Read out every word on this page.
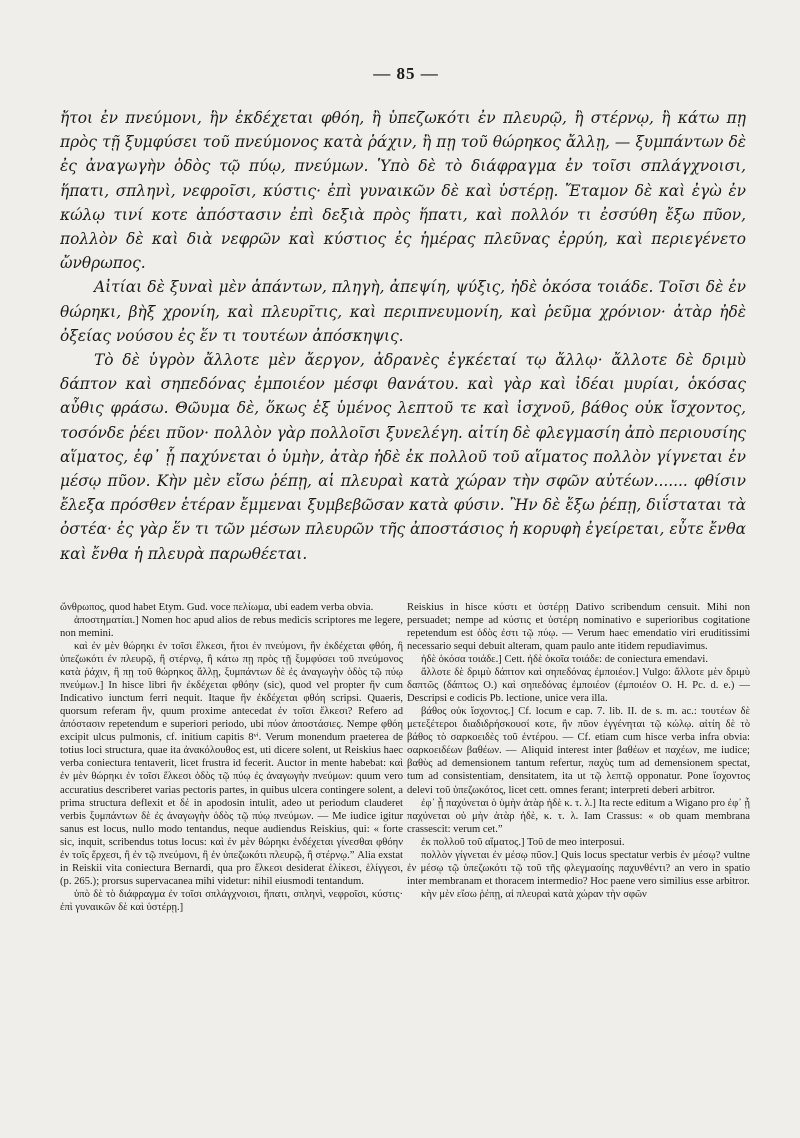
— 85 —

ἤτοι ἐν πνεύμονι, ἣν ἐκδέχεται φθόη, ἢ ὑπεζωκότι ἐν πλευρῷ, ἢ στέρνῳ, ἢ κάτω πῃ πρὸς τῇ ξυμφύσει τοῦ πνεύμονος κατὰ ῥάχιν, ἢ πῃ τοῦ θώρηκος ἄλλῃ, — ξυμπάντων δὲ ἐς ἀναγωγὴν ὁδὸς τῷ πύῳ, πνεύμων. Ὑπὸ δὲ τὸ διάφραγμα ἐν τοῖσι σπλάγχνοισι, ἥπατι, σπληνὶ, νεφροῖσι, κύστις· ἐπὶ γυναικῶν δὲ καὶ ὑστέρῃ. Ἔταμον δὲ καὶ ἐγὼ ἐν κώλῳ τινί κοτε ἀπόστασιν ἐπὶ δεξιὰ πρὸς ἥπατι, καὶ πολλόν τι ἐσσύθη ἔξω πῦον, πολλὸν δὲ καὶ διὰ νεφρῶν καὶ κύστιος ἐς ἡμέρας πλεῦνας ἐρρύη, καὶ περιεγένετο ὤνθρωπος.

Αἰτίαι δὲ ξυναὶ μὲν ἁπάντων, πληγὴ, ἀπεψίη, ψύξις, ἠδὲ ὁκόσα τοιάδε. Τοῖσι δὲ ἐν θώρηκι, βὴξ χρονίη, καὶ πλευρῖτις, καὶ περιπνευμονίη, καὶ ῥεῦμα χρόνιον· ἀτὰρ ἠδὲ ὀξείας νούσου ἐς ἕν τι τουτέων ἀπόσκηψις.

Τὸ δὲ ὑγρὸν ἄλλοτε μὲν ἄεργον, ἀδρανὲς ἐγκέεταί τῳ ἄλλῳ· ἄλλοτε δὲ δριμὺ δάπτον καὶ σηπεδόνας ἐμποιέον μέσφι θανάτου. καὶ γὰρ καὶ ἰδέαι μυρίαι, ὁκόσας αὖθις φράσω. Θῶυμα δὲ, ὅκως ἐξ ὑμένος λεπτοῦ τε καὶ ἰσχνοῦ, βάθος οὐκ ἴσχοντος, τοσόνδε ῥέει πῦον· πολλὸν γὰρ πολλοῖσι ξυνελέγη. αἰτίη δὲ φλεγμασίη ἀπὸ περιουσίης αἵματος, ἐφ᾽ ᾗ παχύνεται ὁ ὑμὴν, ἀτὰρ ἠδὲ ἐκ πολλοῦ τοῦ αἵματος πολλὸν γίγνεται ἐν μέσῳ πῦον. Κὴν μὲν εἴσω ῥέπῃ, αἱ πλευραὶ κατὰ χώραν τὴν σφῶν αὐτέων....... φθίσιν ἔλεξα πρόσθεν ἑτέραν ἔμμεναι ξυμβεβῶσαν κατὰ φύσιν. Ἢν δὲ ἔξω ῥέπῃ, διΐσταται τὰ ὀστέα· ἐς γὰρ ἕν τι τῶν μέσων πλευρῶν τῆς ἀποστάσιος ἡ κορυφὴ ἐγείρεται, εὖτε ἔνθα καὶ ἔνθα ἡ πλευρὰ παρωθέεται.

ὤνθρωπος, quod habet Etym. Gud. voce πελίωμα, ubi eadem verba obvia.

ἀποστηματίαι.] Nomen hoc apud alios de rebus medicis scriptores me legere, non memini.

καὶ ἐν μὲν θώρηκι ἐν τοῖσι ἕλκεσι, ἤτοι ἐν πνεύμονι, ἣν ἐκδέχεται φθόη, ἢ ὑπεζωκότι ἐν πλευρῷ, ἢ στέρνῳ, ἢ κάτω πῃ πρὸς τῇ ξυμφύσει τοῦ πνεύμονος κατὰ ῥάχιν, ἢ πῃ τοῦ θώρηκος ἄλλῃ, ξυμπάντων δὲ ἐς ἀναγωγὴν ὁδὸς τῷ πύῳ πνεύμων.] In hisce libri ἣν ἐκδέχεται φθόην (sic), quod vel propter ἣν cum Indicativo iunctum ferri nequit. Itaque ἣν ἐκδέχεται φθόη scripsi. Quaeris, quorsum referam ἣν, quum proxime antecedat ἐν τοῖσι ἕλκεσι? Refero ad ἀπόστασιν repetendum e superiori periodo, ubi πύον ἀποστάσιες. Nempe φθόη excipit ulcus pulmonis, cf. initium capitis 8ᵛⁱ. Verum monendum praeterea de totius loci structura, quae ita ἀνακόλουθος est, uti dicere solent, ut Reiskius haec verba coniectura tentaverit, licet frustra id fecerit. Auctor in mente habebat: καὶ ἐν μὲν θώρηκι ἐν τοῖσι ἕλκεσι ὁδὸς τῷ πύῳ ἐς ἀναγωγὴν πνεύμων: quum vero accuratius describeret varias pectoris partes, in quibus ulcera contingere solent, a prima structura deflexit et δέ in apodosin intulit, adeo ut periodum clauderet verbis ξυμπάντων δὲ ἐς ἀναγωγὴν ὁδὸς τῷ πύῳ πνεύμων. — Me iudice igitur sanus est locus, nullo modo tentandus, neque audiendus Reiskius, qui: « forte sic, inquit, scribendus totus locus: καὶ ἐν μὲν θώρηκι ἐνδέχεται γίνεσθαι φθόην ἐν τοῖς ἕρχεσι, ἢ ἐν τῷ πνεύμονι, ἢ ἐν ὑπεζωκότι πλευρῷ, ἢ στέρνῳ.” Alia exstat in Reiskii vita coniectura Bernardi, qua pro ἕλκεσι desiderat ἑλίκεσι, ἑλίγγεσι, (p. 265.); prorsus supervacanea mihi videtur: nihil eiusmodi tentandum.

ὑπὸ δὲ τὸ διάφραγμα ἐν τοῖσι σπλάγχνοισι, ἥπατι, σπληνὶ, νεφροῖσι, κύστις· ἐπὶ γυναικῶν δὲ καὶ ὑστέρῃ.]

Reiskius in hisce κύστι et ὑστέρῃ Dativo scribendum censuit. Mihi non persuadet; nempe ad κύστις et ὑστέρη nominativo e superioribus cogitatione repetendum est ὁδὸς ἐστι τῷ πύῳ. — Verum haec emendatio viri eruditissimi necessario sequi debuit alteram, quam paulo ante itidem repudiavimus.

ἠδὲ ὁκόσα τοιάδε.] Cett. ἠδὲ ὁκοῖα τοιάδε: de coniectura emendavi.

ἄλλοτε δὲ δριμὺ δάπτον καὶ σηπεδόνας ἐμποιέον.] Vulgo: ἄλλοτε μὲν δριμὺ δαπτῶς (δάπτως O.) καὶ σηπεδόνας ἐμποιέον (ἐμποιέον O. H. Pc. d. e.) — Descripsi e codicis Pb. lectione, unice vera illa.

βάθος οὐκ ἴσχοντος.] Cf. locum e cap. 7. lib. II. de s. m. ac.: τουτέων δὲ μετεξέτεροι διαδιδρήσκουσί κοτε, ἢν πῦον ἐγγένηται τῷ κώλῳ. αἰτίη δὲ τὸ βάθος τὸ σαρκοειδὲς τοῦ ἐντέρου. — Cf. etiam cum hisce verba infra obvia: σαρκοειδέων βαθέων. — Aliquid interest inter βαθέων et παχέων, me iudice; βαθὺς ad demensionem tantum refertur, παχὺς tum ad demensionem spectat, tum ad consistentiam, densitatem, ita ut τῷ λεπτῷ opponatur. Pone ἴσχοντος delevi τοῦ ὑπεζωκότος, licet cett. omnes ferant; interpreti deberi arbitror.

ἐφ᾽ ᾗ παχύνεται ὁ ὑμὴν ἀτὰρ ἠδὲ κ. τ. λ.] Ita recte editum a Wigano pro ἐφ᾽ ᾗ παχύνεται οὐ μὴν ἀτὰρ ἠδὲ, κ. τ. λ. Iam Crassus: « ob quam membrana crassescit: verum cet.”

ἐκ πολλοῦ τοῦ αἵματος.] Τοῦ de meo interposui.

πολλὸν γίγνεται ἐν μέσῳ πῦον.] Quis locus spectatur verbis ἐν μέσῳ? vultne ἐν μέσῳ τῷ ὑπεζωκότι τῷ τοῦ τῆς φλεγμασίης παχυνθέντι? an vero in spatio inter membranam et thoracem intermedio? Hoc paene vero similius esse arbitror.

κὴν μὲν εἴσω ῥέπῃ, αἱ πλευραὶ κατὰ χώραν τὴν σφῶν
